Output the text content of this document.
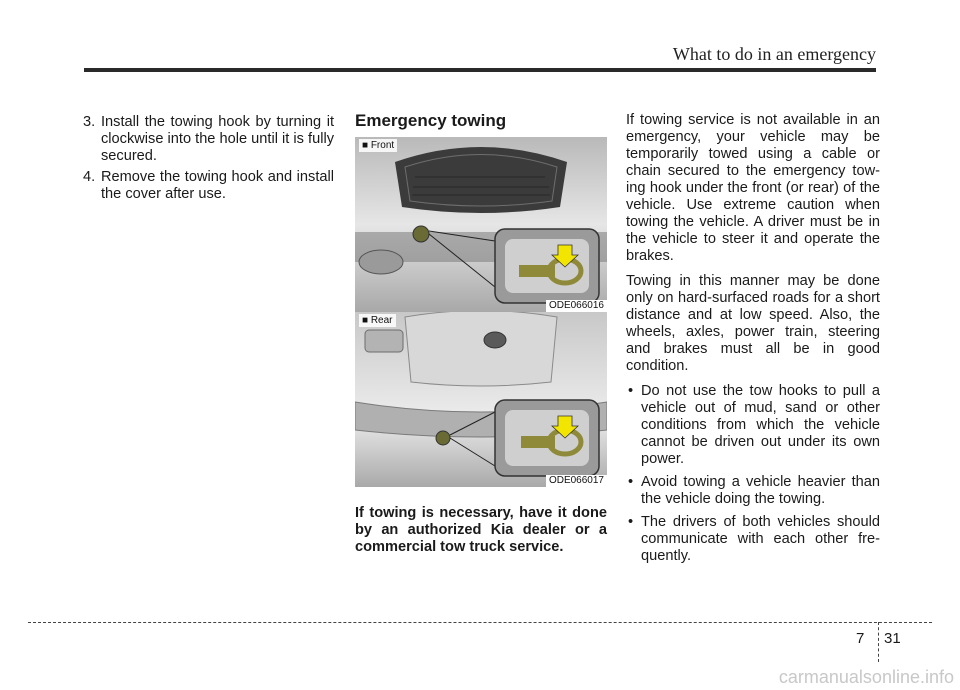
What to do in an emergency
3. Install the towing hook by turning it clockwise into the hole until it is fully secured.
4. Remove the towing hook and install the cover after use.
Emergency towing
■ Front
ODE066016
■ Rear
ODE066017
If towing is necessary, have it done by an authorized Kia dealer or a commercial tow truck service.

If towing service is not available in an emergency, your vehicle may be temporarily towed using a cable or chain secured to the emergency tow-ing hook under the front (or rear) of the vehicle. Use extreme caution when towing the vehicle. A driver must be in the vehicle to steer it and operate the brakes.

Towing in this manner may be done only on hard-surfaced roads for a short distance and at low speed. Also, the wheels, axles, power train, steering and brakes must all be in good condition.

• Do not use the tow hooks to pull a vehicle out of mud, sand or other conditions from which the vehicle cannot be driven out under its own power.
• Avoid towing a vehicle heavier than the vehicle doing the towing.
• The drivers of both vehicles should communicate with each other fre-quently.
7 31
carmanualsonline.info
